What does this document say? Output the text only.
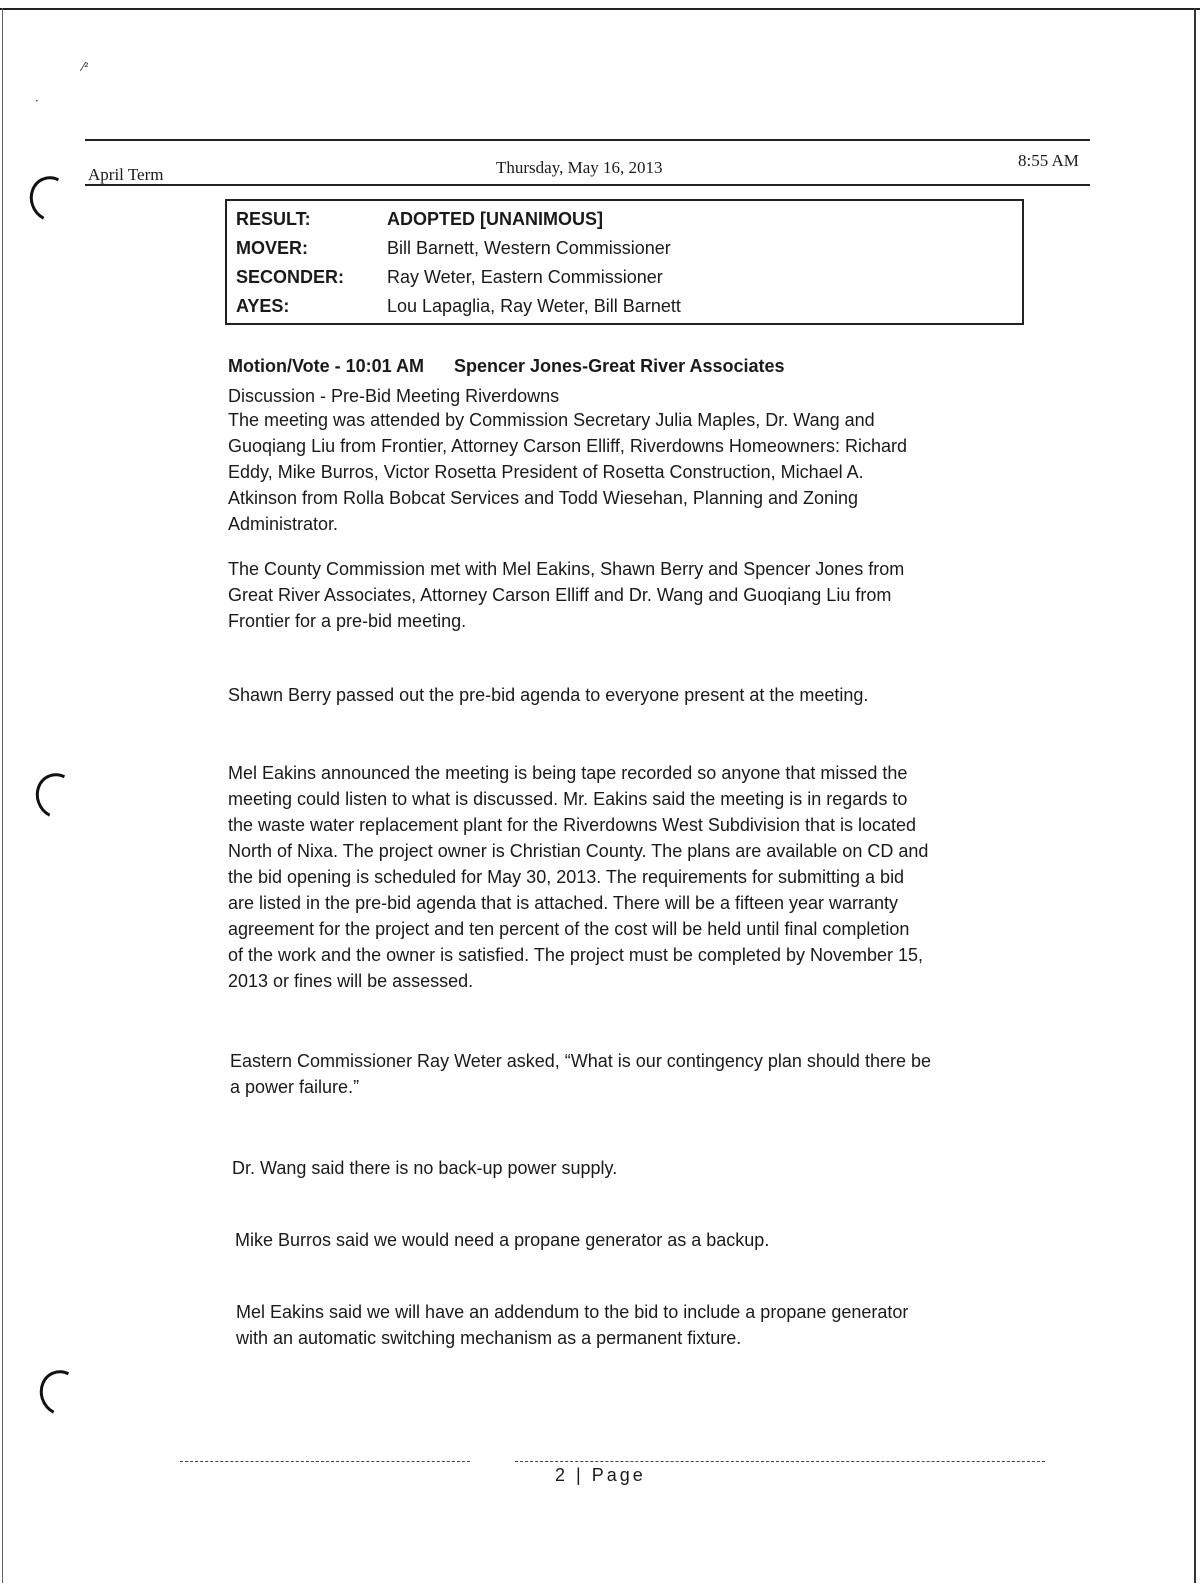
⁄²
·
April Term	Thursday, May 16, 2013	8:55 AM
RESULT:	ADOPTED [UNANIMOUS]
MOVER:	Bill Barnett, Western Commissioner
SECONDER: Ray Weter, Eastern Commissioner
AYES:	Lou Lapaglia, Ray Weter, Bill Barnett
Motion/Vote - 10:01 AM Spencer Jones-Great River Associates
Discussion - Pre-Bid Meeting Riverdowns
The meeting was attended by Commission Secretary Julia Maples, Dr. Wang and
Guoqiang Liu from Frontier, Attorney Carson Elliff, Riverdowns Homeowners: Richard
Eddy, Mike Burros, Victor Rosetta President of Rosetta Construction, Michael A.
Atkinson from Rolla Bobcat Services and Todd Wiesehan, Planning and Zoning
Administrator.
The County Commission met with Mel Eakins, Shawn Berry and Spencer Jones from
Great River Associates, Attorney Carson Elliff and Dr. Wang and Guoqiang Liu from
Frontier for a pre-bid meeting.
Shawn Berry passed out the pre-bid agenda to everyone present at the meeting.
Mel Eakins announced the meeting is being tape recorded so anyone that missed the
meeting could listen to what is discussed. Mr. Eakins said the meeting is in regards to
the waste water replacement plant for the Riverdowns West Subdivision that is located
North of Nixa. The project owner is Christian County. The plans are available on CD and
the bid opening is scheduled for May 30, 2013. The requirements for submitting a bid
are listed in the pre-bid agenda that is attached. There will be a fifteen year warranty
agreement for the project and ten percent of the cost will be held until final completion
of the work and the owner is satisfied. The project must be completed by November 15,
2013 or fines will be assessed.
Eastern Commissioner Ray Weter asked, “What is our contingency plan should there be
a power failure.”
Dr. Wang said there is no back-up power supply.
Mike Burros said we would need a propane generator as a backup.
Mel Eakins said we will have an addendum to the bid to include a propane generator
with an automatic switching mechanism as a permanent fixture.
2 | Page
